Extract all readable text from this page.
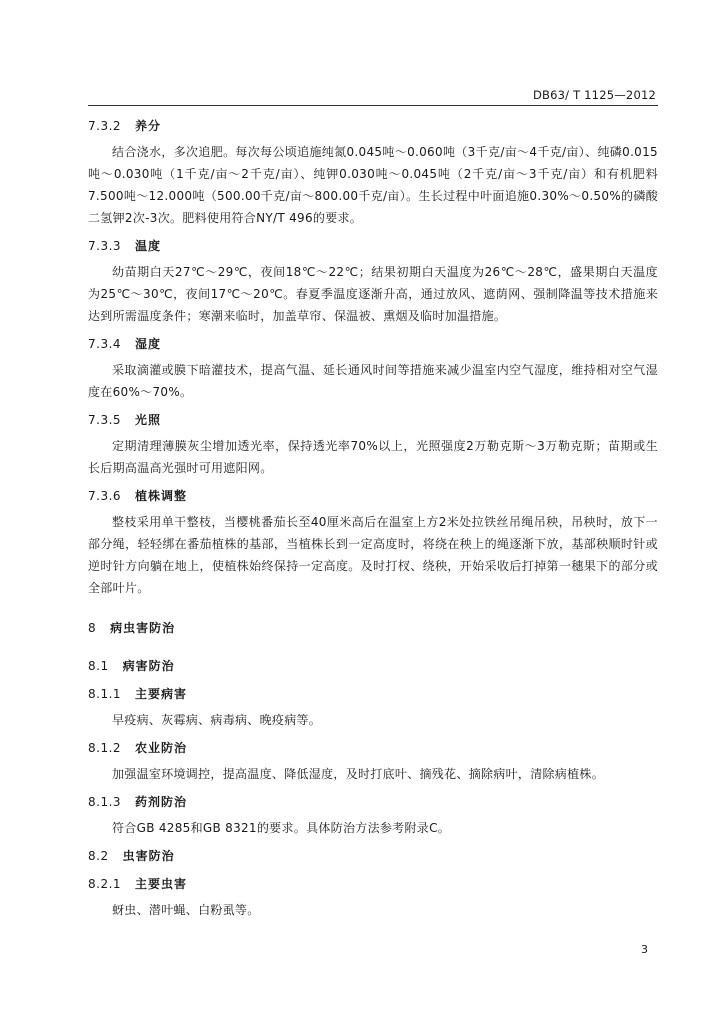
DB63/ T 1125—2012
7.3.2 养分

结合浇水，多次追肥。每次每公顷追施纯氮0.045吨～0.060吨（3千克/亩～4千克/亩）、纯磷0.015吨～0.030吨（1千克/亩～2千克/亩）、纯钾0.030吨～0.045吨（2千克/亩～3千克/亩）和有机肥料7.500吨～12.000吨（500.00千克/亩～800.00千克/亩）。生长过程中叶面追施0.30%～0.50%的磷酸二氢钾2次-3次。肥料使用符合NY/T 496的要求。

7.3.3 温度

幼苗期白天27℃～29℃，夜间18℃～22℃；结果初期白天温度为26℃～28℃，盛果期白天温度为25℃～30℃，夜间17℃～20℃。春夏季温度逐渐升高，通过放风、遮荫网、强制降温等技术措施来达到所需温度条件；寒潮来临时，加盖草帘、保温被、熏烟及临时加温措施。

7.3.4 湿度

采取滴灌或膜下暗灌技术，提高气温、延长通风时间等措施来减少温室内空气湿度，维持相对空气湿度在60%～70%。

7.3.5 光照

定期清理薄膜灰尘增加透光率，保持透光率70%以上，光照强度2万勒克斯～3万勒克斯；苗期或生长后期高温高光强时可用遮阳网。

7.3.6 植株调整

整枝采用单干整枝，当樱桃番茄长至40厘米高后在温室上方2米处拉铁丝吊绳吊秧，吊秧时，放下一部分绳，轻轻绑在番茄植株的基部，当植株长到一定高度时，将绕在秧上的绳逐渐下放，基部秧顺时针或逆时针方向躺在地上，使植株始终保持一定高度。及时打杈、绕秧，开始采收后打掉第一穗果下的部分或全部叶片。

8 病虫害防治
8.1 病害防治
8.1.1 主要病害

早疫病、灰霉病、病毒病、晚疫病等。

8.1.2 农业防治

加强温室环境调控，提高温度、降低湿度，及时打底叶、摘残花、摘除病叶，清除病植株。

8.1.3 药剂防治

符合GB 4285和GB 8321的要求。具体防治方法参考附录C。

8.2 虫害防治
8.2.1 主要虫害

蚜虫、潜叶蝇、白粉虱等。

3
